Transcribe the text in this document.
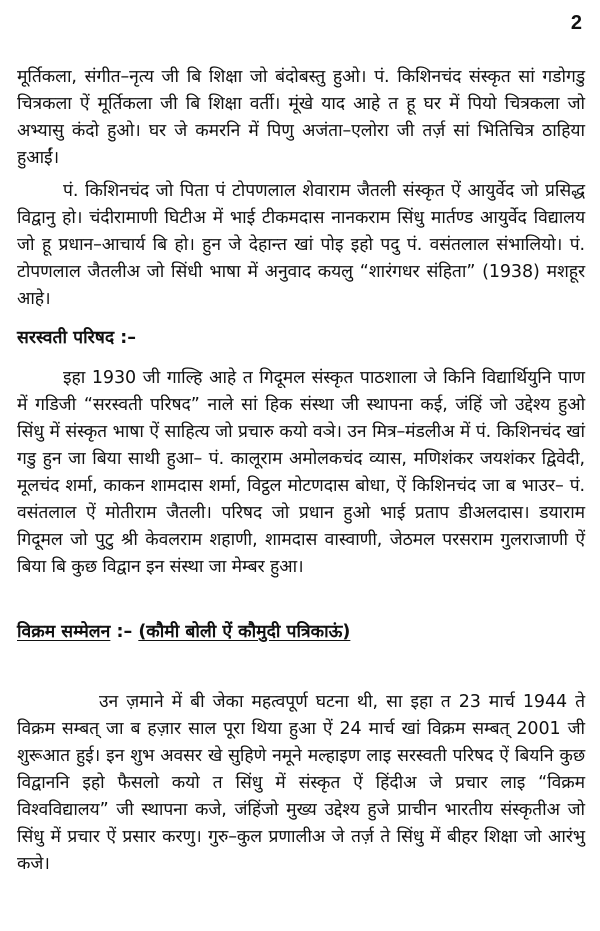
2

मूर्तिकला, संगीत–नृत्य जी बि शिक्षा जो बंदोबस्तु हुओ। पं. किशिनचंद संस्कृत सां गडोगडु चित्रकला ऐं मूर्तिकला जी बि शिक्षा वर्ती। मूंखे याद आहे त हू घर में पियो चित्रकला जो अभ्यासु कंदो हुओ। घर जे कमरनि में पिणु अजंता–एलोरा जी तर्ज़ सां भितिचित्र ठाहिया हुआईं।

पं. किशिनचंद जो पिता पं टोपणलाल शेवाराम जैतली संस्कृत ऐं आयुर्वेद जो प्रसिद्ध विद्वानु हो। चंदीरामाणी घिटीअ में भाई टीकमदास नानकराम सिंधु मार्तण्ड आयुर्वेद विद्यालय जो हू प्रधान–आचार्य बि हो। हुन जे देहान्त खां पोइ इहो पदु पं. वसंतलाल संभालियो। पं. टोपणलाल जैतलीअ जो सिंधी भाषा में अनुवाद कयलु “शारंगधर संहिता” (1938) मशहूर आहे।

सरस्वती परिषद :–

इहा 1930 जी गाल्हि आहे त गिदूमल संस्कृत पाठशाला जे किनि विद्यार्थियुनि पाण में गडिजी “सरस्वती परिषद” नाले सां हिक संस्था जी स्थापना कई, जंहिं जो उद्देश्य हुओ सिंधु में संस्कृत भाषा ऐं साहित्य जो प्रचारु कयो वञे। उन मित्र–मंडलीअ में पं. किशिनचंद खां गडु हुन जा बिया साथी हुआ– पं. कालूराम अमोलकचंद व्यास, मणिशंकर जयशंकर द्विवेदी, मूलचंद शर्मा, काकन शामदास शर्मा, विट्ठल मोटणदास बोधा, ऐं किशिनचंद जा ब भाउर– पं. वसंतलाल ऐं मोतीराम जैतली। परिषद जो प्रधान हुओ भाई प्रताप डीअलदास। डयाराम गिदूमल जो पुटु श्री केवलराम शहाणी, शामदास वास्वाणी, जेठमल परसराम गुलराजाणी ऐं बिया बि कुछ विद्वान इन संस्था जा मेम्बर हुआ।

विक्रम सम्मेलन :– (कौमी बोली ऐं कौमुदी पत्रिकाऊं)

उन ज़माने में बी जेका महत्वपूर्ण घटना थी, सा इहा त 23 मार्च 1944 ते विक्रम सम्बत् जा ब हज़ार साल पूरा थिया हुआ ऐं 24 मार्च खां विक्रम सम्बत् 2001 जी शुरूआत हुई। इन शुभ अवसर खे सुहिणे नमूने मल्हाइण लाइ सरस्वती परिषद ऐं बियनि कुछ विद्वाननि इहो फैसलो कयो त सिंधु में संस्कृत ऐं हिंदीअ जे प्रचार लाइ “विक्रम विश्वविद्यालय” जी स्थापना कजे, जंहिंजो मुख्य उद्देश्य हुजे प्राचीन भारतीय संस्कृतीअ जो सिंधु में प्रचार ऐं प्रसार करणु। गुरु–कुल प्रणालीअ जे तर्ज़ ते सिंधु में बीहर शिक्षा जो आरंभु कजे।
